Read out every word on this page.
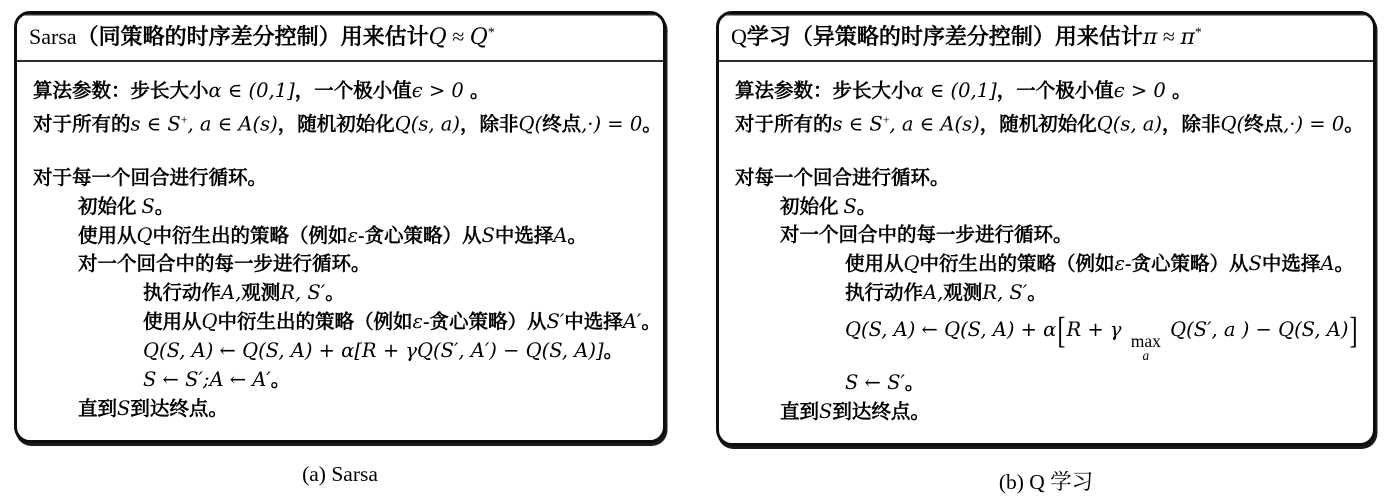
Sarsa（同策略的时序差分控制）用来估计Q ≈ Q*
算法参数：步长大小α ∈ (0,1]，一个极小值ϵ > 0 。
对于所有的s ∈ S+, a ∈ A(s)，随机初始化Q(s, a)，除非Q(终点,·) = 0。
对于每一个回合进行循环。
初始化 S。
使用从Q中衍生出的策略（例如ε-贪心策略）从S中选择A。
对一个回合中的每一步进行循环。
执行动作A,观测R, S′。
使用从Q中衍生出的策略（例如ε-贪心策略）从S′中选择A′。
Q(S, A) ← Q(S, A) + α[R + γQ(S′, A′) − Q(S, A)]。
S ← S′;A ← A′。
直到S到达终点。
(a) Sarsa
Q学习（异策略的时序差分控制）用来估计π ≈ π*
算法参数：步长大小α ∈ (0,1]，一个极小值ϵ > 0 。
对于所有的s ∈ S+, a ∈ A(s)，随机初始化Q(s, a)，除非Q(终点,·) = 0。
对每一个回合进行循环。
初始化 S。
对一个回合中的每一步进行循环。
使用从Q中衍生出的策略（例如ε-贪心策略）从S中选择A。
执行动作A,观测R, S′。
Q(S, A) ← Q(S, A) + α[R + γ max
a
Q(S′, a ) − Q(S, A)]
S ← S′。
直到S到达终点。
(b) Q 学习
